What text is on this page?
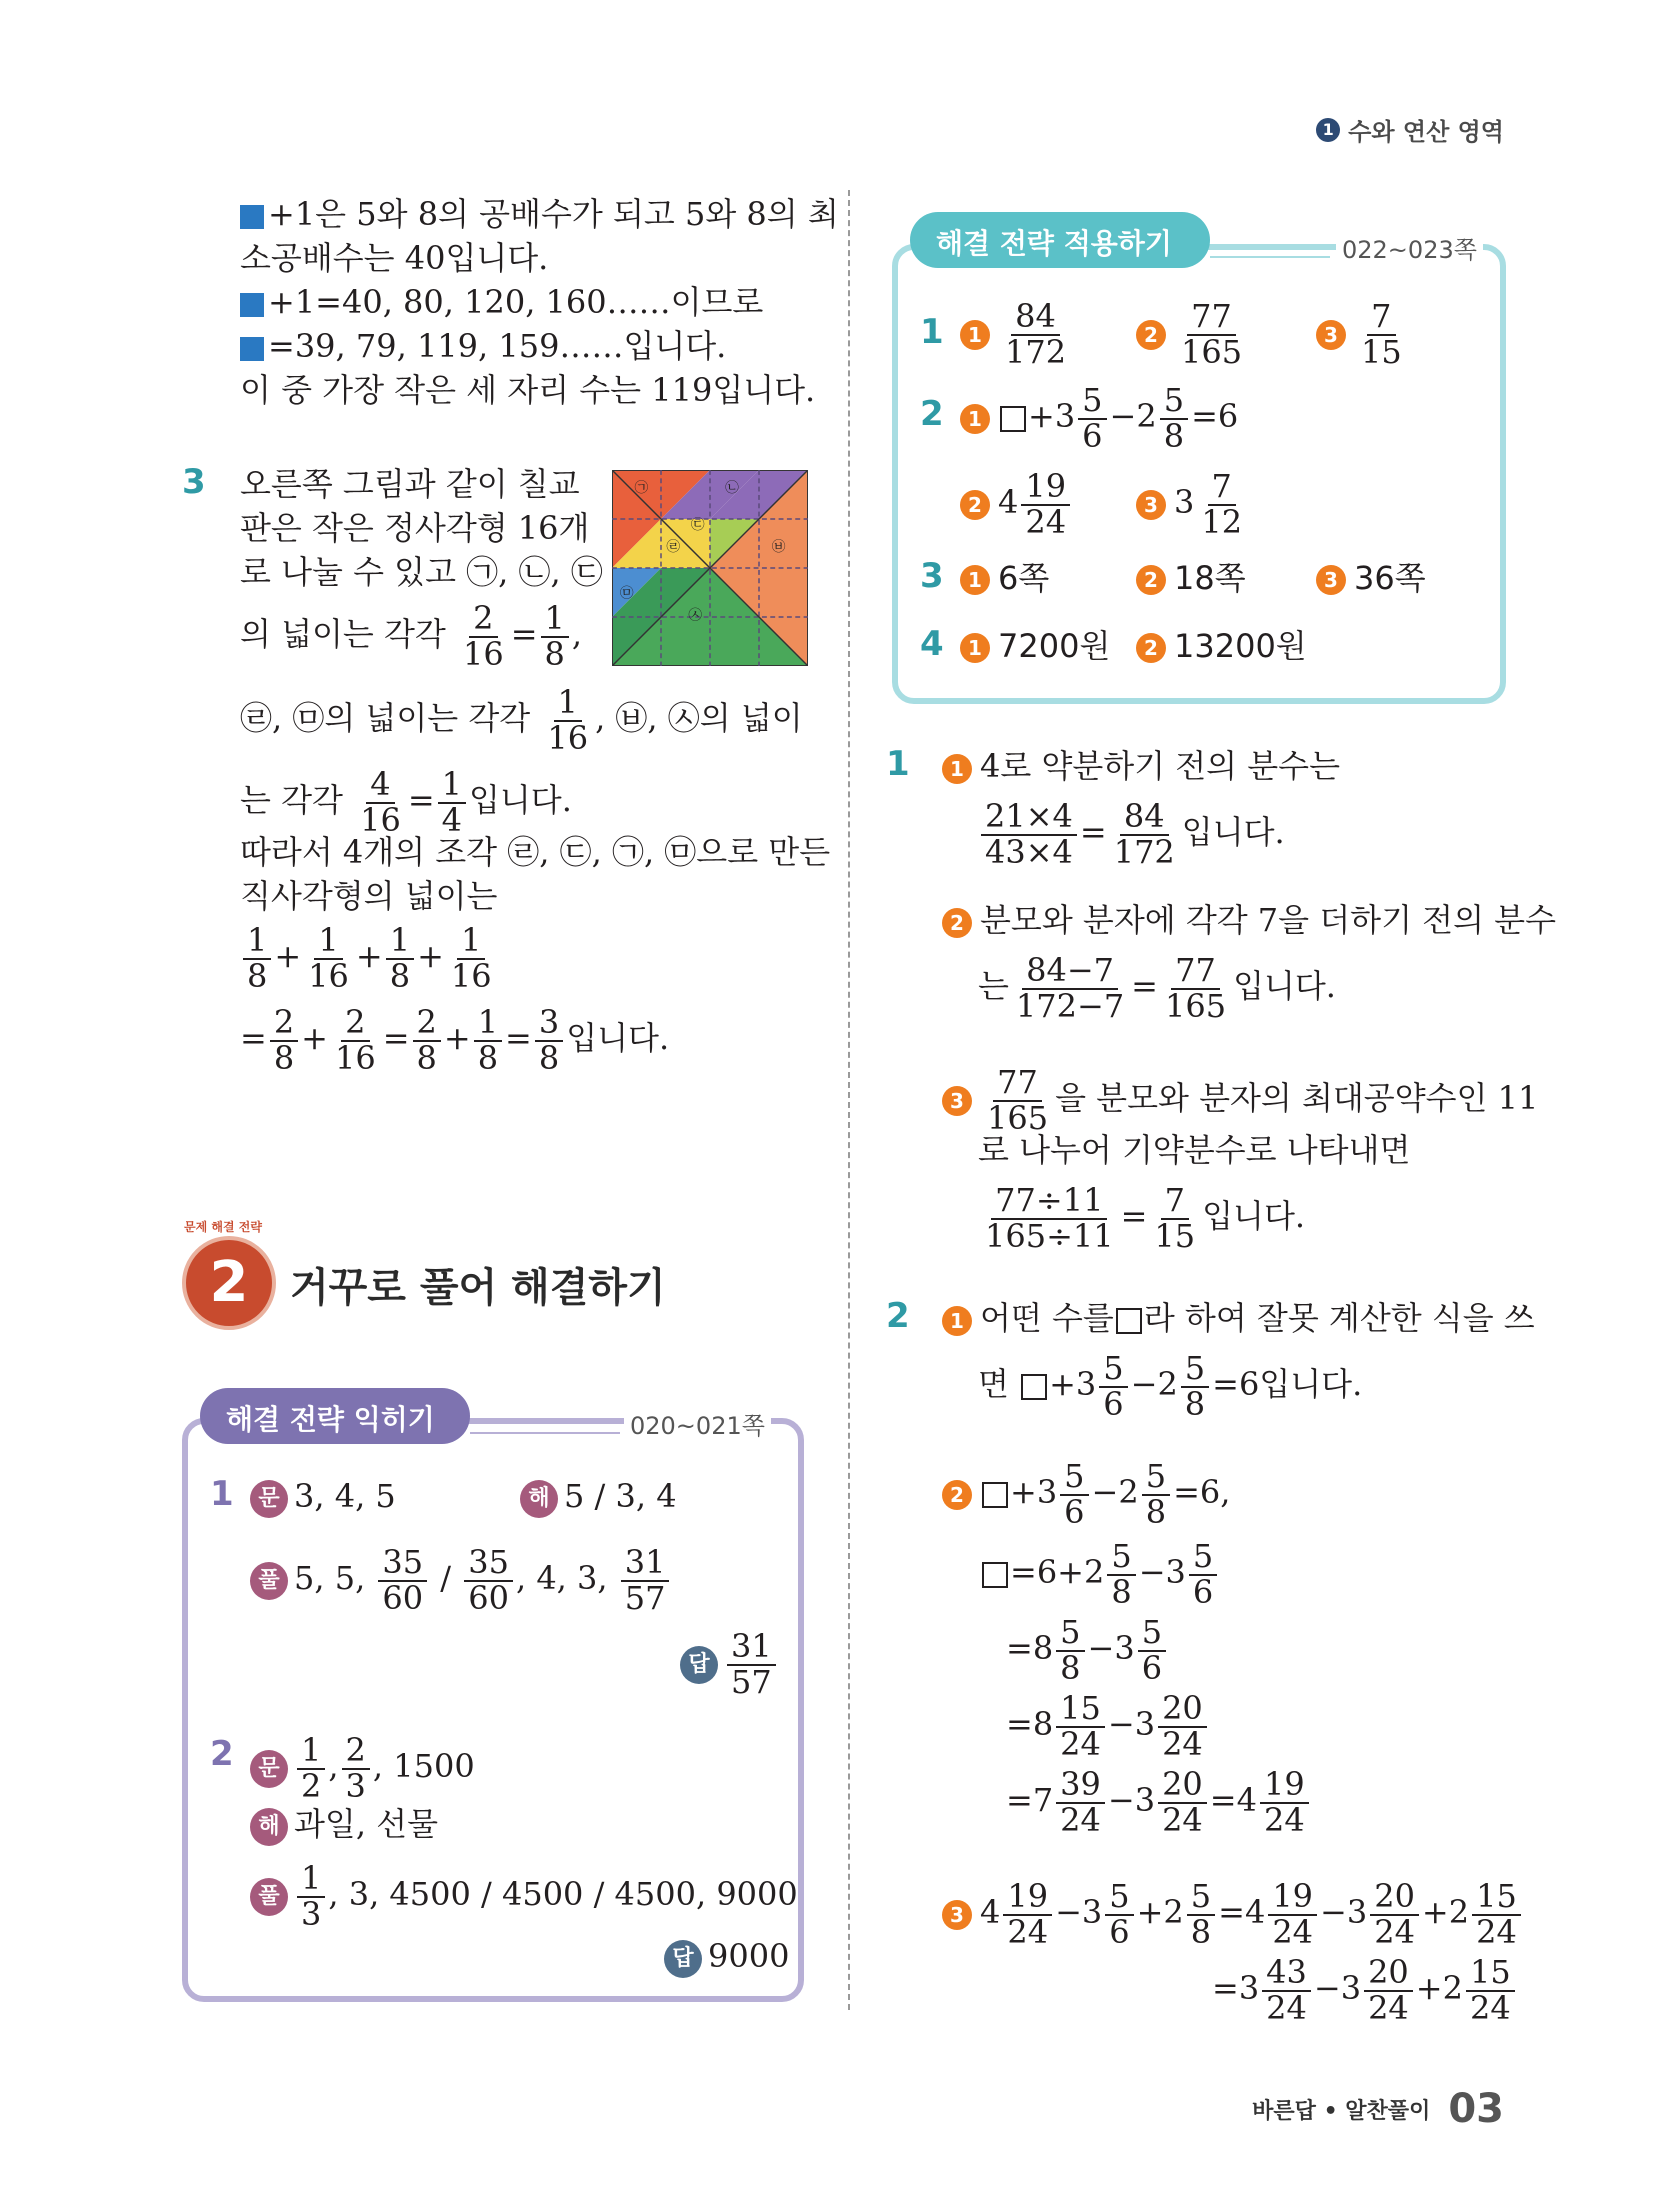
1 수와 연산 영역
+1은 5와 8의 공배수가 되고 5와 8의 최
소공배수는 40입니다.
+1=40, 80, 120, 160……이므로
=39, 79, 119, 159……입니다.
이 중 가장 작은 세 자리 수는 119입니다.
3 오른쪽 그림과 같이 칠교
판은 작은 정사각형 16개
로 나눌 수 있고 ㉠, ㉡, ㉢
의 넓이는 각각 $\frac{2}{16} = \frac{1}{8}$ ,
㉣, ㉤의 넓이는 각각 $\frac{1}{16}$ , ㉥, ㉦의 넓이
는 각각 $\frac{4}{16} = \frac{1}{4}$ 입니다.
따라서 4개의 조각 ㉣, ㉢, ㉠, ㉤으로 만든
직사각형의 넓이는
$\frac{1}{8} + \frac{1}{16} + \frac{1}{8} + \frac{1}{16}$
= $\frac{2}{8} + \frac{2}{16} = \frac{2}{8} + \frac{1}{8} = \frac{3}{8}$ 입니다.
2
문제 해결 전략
거꾸로 풀어 해결하기
해결 전략 익히기	020~021쪽
1	문 3, 4, 5	해 5 / 3, 4
풀 5, 5, $\frac{35}{60} / \frac{35}{60}$ , 4, 3, $\frac{31}{57}$
답 $\frac{31}{57}$
2	문 $\frac{1}{2}$ , $\frac{2}{3}$ , 1500
해 과일, 선물
풀 $\frac{1}{3}$ , 3, 4500 / 4500 / 4500, 9000
답 9000
해결 전략 적용하기	022~023쪽
1	$1 \frac{84}{172}$	$2 \frac{77}{165}$	$3 \frac{7}{15}$
2	$1 +3 \frac{5}{6} -2 \frac{5}{8} =6$
2 $4 \frac{19}{24}$	3 $3 \frac{7}{12}$
3	1 6쪽	2 18쪽	3 36쪽
4	1 7200원	2 13200원
1	1 4로 약분하기 전의 분수는
$\frac{21\times 4}{43\times 4} = \frac{84}{172}$ 입니다.
2 분모와 분자에 각각 7을 더하기 전의 분수
는 $\frac{84-7}{172-7} = \frac{77}{165}$ 입니다.
$3 \frac{77}{165}$ 을 분모와 분자의 최대공약수인 11
로 나누어 기약분수로 나타내면
$\frac{77\div 11}{165\div 11} = \frac{7}{15}$ 입니다.
2	1 어떤 수를 라 하여 잘못 계산한 식을 쓰
면 $+3 \frac{5}{6} -2 \frac{5}{8} =6$입니다.
$2 +3 \frac{5}{6} -2 \frac{5}{8} =6$,
$=6+2 \frac{5}{8} -3 \frac{5}{6}$
$=8 \frac{5}{8} -3 \frac{5}{6}$
$=8 \frac{15}{24} -3 \frac{20}{24}$
$=7 \frac{39}{24} -3 \frac{20}{24} =4 \frac{19}{24}$
3 $4 \frac{19}{24} -3 \frac{5}{6} +2 \frac{5}{8} =4 \frac{19}{24} -3 \frac{20}{24} +2 \frac{15}{24}$
$=3 \frac{43}{24} -3 \frac{20}{24} +2 \frac{15}{24}$
바른답 • 알찬풀이 03
